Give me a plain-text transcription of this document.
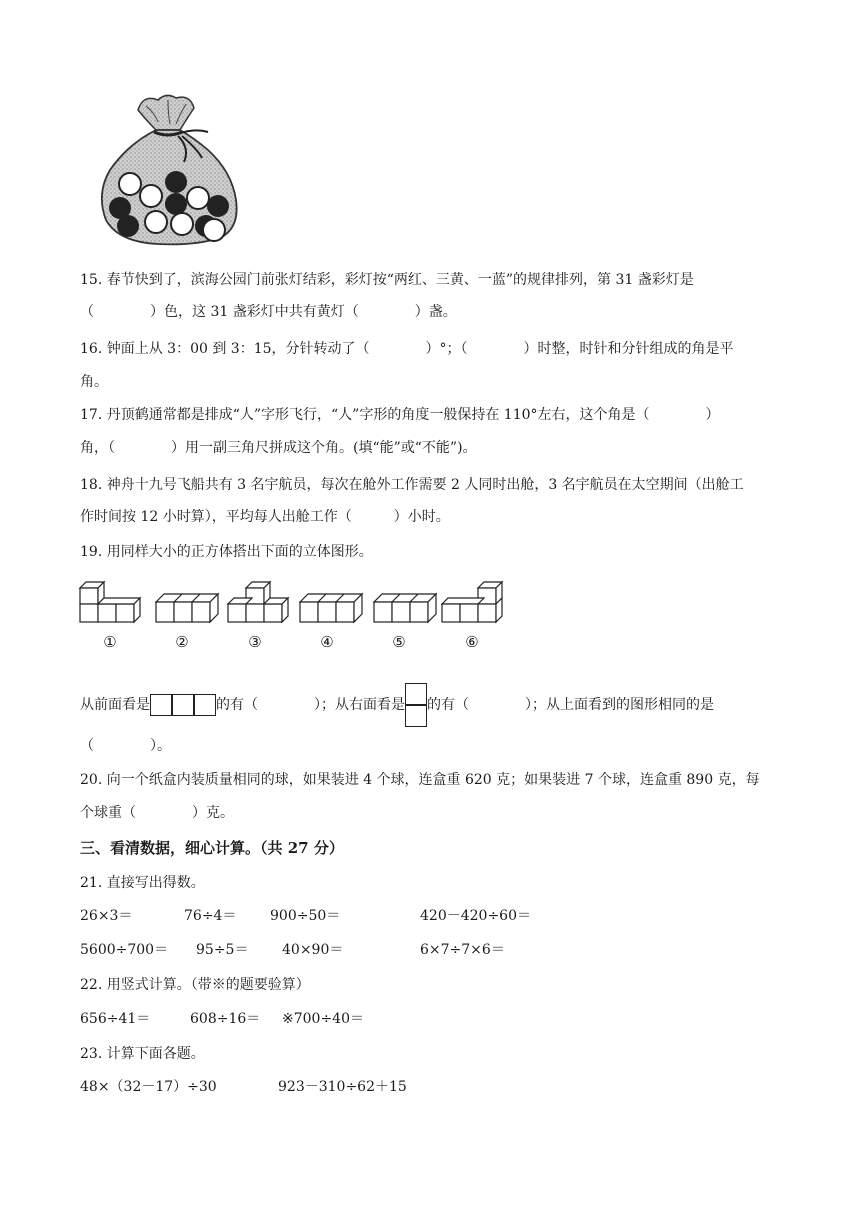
15. 春节快到了，滨海公园门前张灯结彩，彩灯按“两红、三黄、一蓝”的规律排列，第 31 盏彩灯是
（　　　　）色，这 31 盏彩灯中共有黄灯（　　　　）盏。
16. 钟面上从 3：00 到 3：15，分针转动了（　　　　）°；（　　　　）时整，时针和分针组成的角是平
角。
17. 丹顶鹤通常都是排成“人”字形飞行，“人”字形的角度一般保持在 110°左右，这个角是（　　　　）
角，（　　　　）用一副三角尺拼成这个角。(填“能”或“不能”)。
18. 神舟十九号飞船共有 3 名宇航员，每次在舱外工作需要 2 人同时出舱，3 名宇航员在太空期间（出舱工
作时间按 12 小时算），平均每人出舱工作（　　　）小时。
19. 用同样大小的正方体搭出下面的立体图形。
①	②	③	④	⑤	⑥
从前面看是	的有（　　　　）；从右面看是 的有（　　　　）；从上面看到的图形相同的是
（　　　　）。
20. 向一个纸盒内装质量相同的球，如果装进 4 个球，连盒重 620 克；如果装进 7 个球，连盒重 890 克，每
个球重（　　　　）克。
三、看清数据，细心计算。（共 27 分）
21. 直接写出得数。
26×3＝	76÷4＝ 900÷50＝	420－420÷60＝
5600÷700＝ 95÷5＝ 40×90＝	6×7÷7×6＝
22. 用竖式计算。（带※的题要验算）
656÷41＝	608÷16＝ ※700÷40＝
23. 计算下面各题。
48×（32－17）÷30	923－310÷62＋15
